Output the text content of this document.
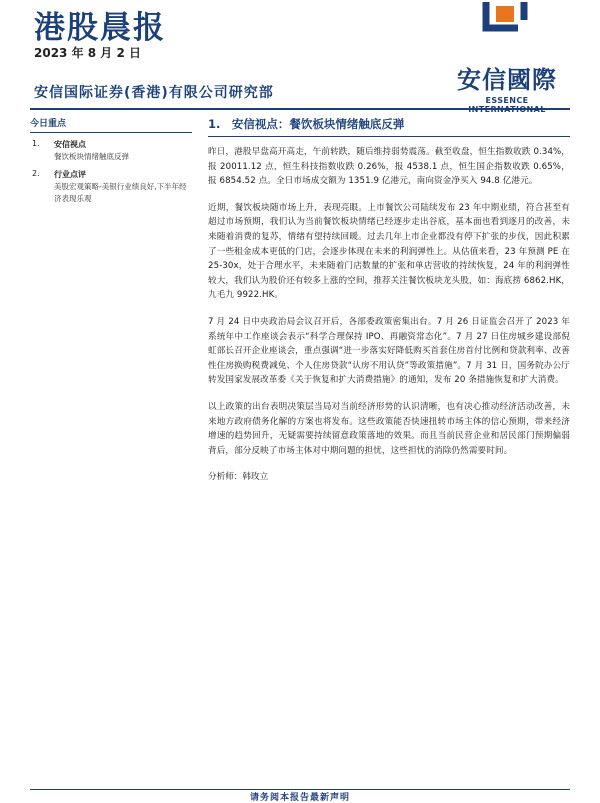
港股晨报
2023 年 8 月 2 日
安信国际证券(香港)有限公司研究部	安信國際
ESSENCE
今日重点
1. 安信视点
餐饮板块情绪触底反弹
2. 行业点评
美股宏观策略-美银行业绩良好,下半年经济表现乐观
1.　安信视点：餐饮板块情绪触底反弹

昨日，港股早盘高开高走，午前转跌，随后维持弱势震荡。截至收盘，恒生指数收跌 0.34%，报 20011.12 点，恒生科技指数收跌 0.26%，报 4538.1 点，恒生国企指数收跌 0.65%，报 6854.52 点。全日市场成交额为 1351.9 亿港元，南向资金净买入 94.8 亿港元。

近期，餐饮板块随市场上升，表现亮眼。上市餐饮公司陆续发布 23 年中期业绩，符合甚至有超过市场预期，我们认为当前餐饮板块情绪已经逐步走出谷底，基本面也看到逐月的改善，未来随着消费的复苏，情绪有望持续回暖。过去几年上市企业都没有停下扩张的步伐，因此积累了一些租金成本更低的门店，会逐步体现在未来的利润弹性上。从估值来看，23 年预测 PE 在 25-30x，处于合理水平，未来随着门店数量的扩张和单店营收的持续恢复，24 年的利润弹性较大，我们认为股价还有较多上涨的空间，推荐关注餐饮板块龙头股，如：海底捞 6862.HK，九毛九 9922.HK。

7 月 24 日中央政治局会议召开后，各部委政策密集出台。7 月 26 日证监会召开了 2023 年系统年中工作座谈会表示“科学合理保持 IPO、再融资常态化”。7 月 27 日住房城乡建设部倪虹部长召开企业座谈会，重点强调“进一步落实好降低购买首套住房首付比例和贷款利率、改善性住房换购税费减免、个人住房贷款“认房不用认贷”等政策措施”。7 月 31 日，国务院办公厅转发国家发展改革委《关于恢复和扩大消费措施》的通知，发布 20 条措施恢复和扩大消费。

以上政策的出台表明决策层当局对当前经济形势的认识清晰，也有决心推动经济活动改善，未来地方政府债务化解的方案也将发布。这些政策能否快速扭转市场主体的信心预期，带来经济增速的趋势回升，无疑需要持续留意政策落地的效果。而且当前民营企业和居民部门预期偏弱背后，部分反映了市场主体对中期问题的担忧，这些担忧的消除仍然需要时间。

分析师：韩玫立
请务阅本报告最新声明
